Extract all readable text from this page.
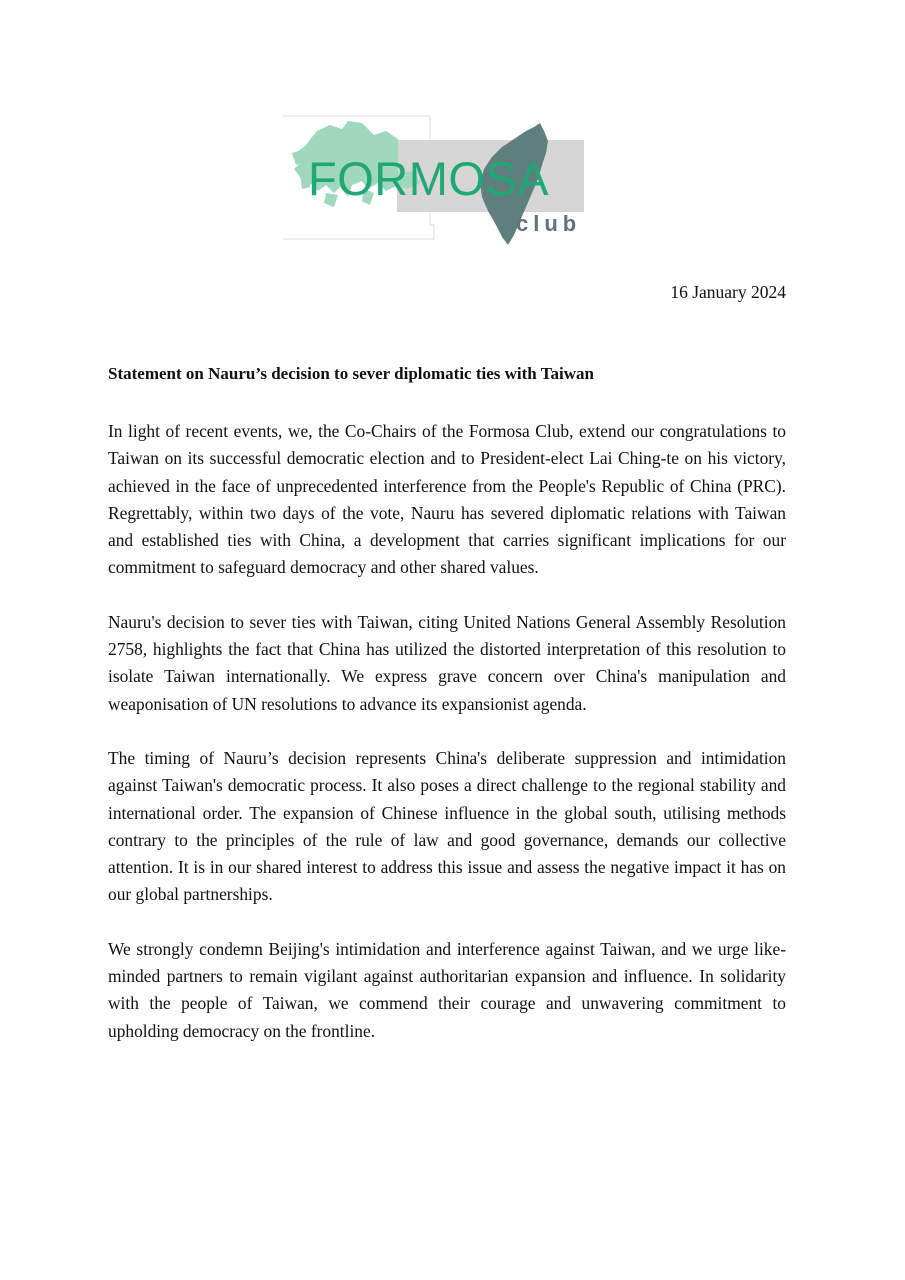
FORMOSA
club
16 January 2024
Statement on Nauru’s decision to sever diplomatic ties with Taiwan

In light of recent events, we, the Co-Chairs of the Formosa Club, extend our congratulations to Taiwan on its successful democratic election and to President-elect Lai Ching-te on his victory, achieved in the face of unprecedented interference from the People's Republic of China (PRC). Regrettably, within two days of the vote, Nauru has severed diplomatic relations with Taiwan and established ties with China, a development that carries significant implications for our commitment to safeguard democracy and other shared values.

Nauru's decision to sever ties with Taiwan, citing United Nations General Assembly Resolution 2758, highlights the fact that China has utilized the distorted interpretation of this resolution to isolate Taiwan internationally. We express grave concern over China's manipulation and weaponisation of UN resolutions to advance its expansionist agenda.

The timing of Nauru’s decision represents China's deliberate suppression and intimidation against Taiwan's democratic process. It also poses a direct challenge to the regional stability and international order. The expansion of Chinese influence in the global south, utilising methods contrary to the principles of the rule of law and good governance, demands our collective attention. It is in our shared interest to address this issue and assess the negative impact it has on our global partnerships.

We strongly condemn Beijing's intimidation and interference against Taiwan, and we urge like-minded partners to remain vigilant against authoritarian expansion and influence. In solidarity with the people of Taiwan, we commend their courage and unwavering commitment to upholding democracy on the frontline.
